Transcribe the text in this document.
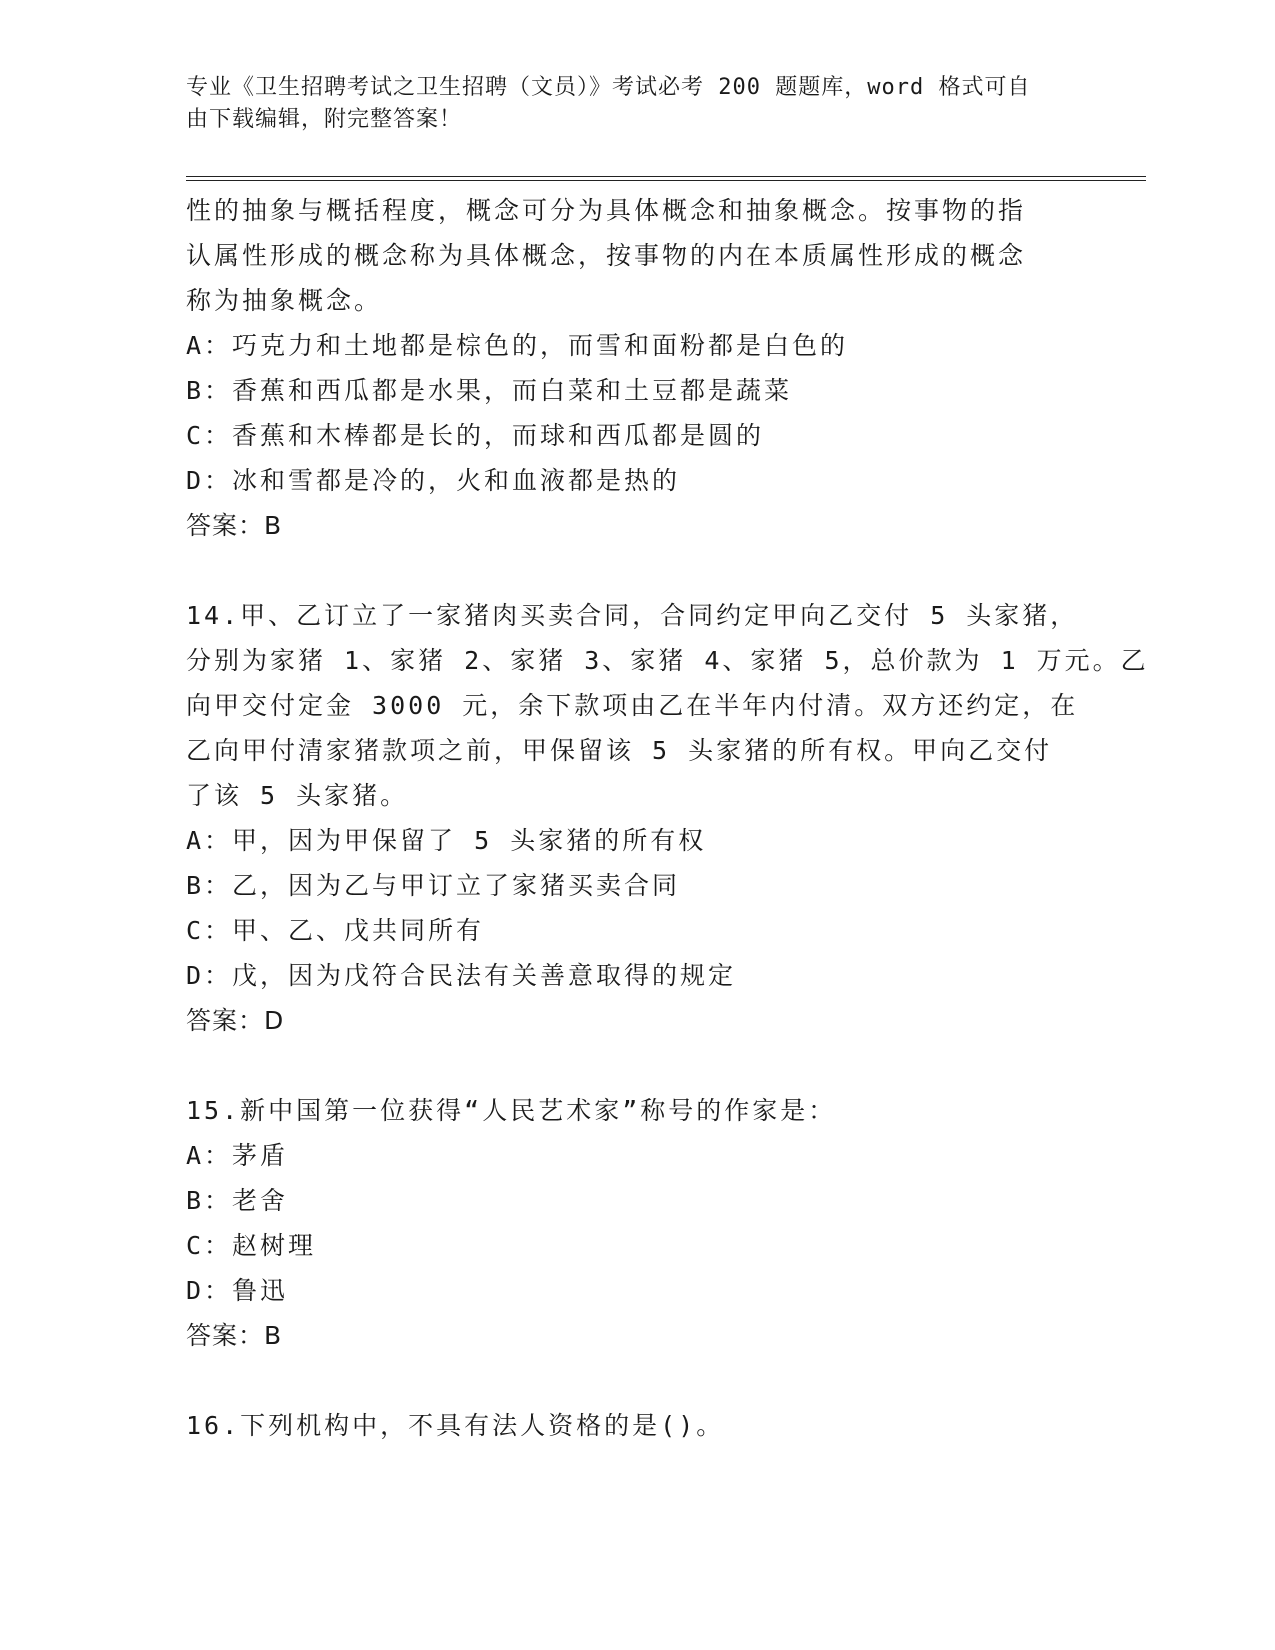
专业《卫生招聘考试之卫生招聘（文员）》考试必考 200 题题库，word 格式可自
由下载编辑，附完整答案！
性的抽象与概括程度，概念可分为具体概念和抽象概念。按事物的指
认属性形成的概念称为具体概念，按事物的内在本质属性形成的概念
称为抽象概念。
A：巧克力和土地都是棕色的，而雪和面粉都是白色的
B：香蕉和西瓜都是水果，而白菜和土豆都是蔬菜
C：香蕉和木棒都是长的，而球和西瓜都是圆的
D：冰和雪都是冷的，火和血液都是热的
答案：B
14.甲、乙订立了一家猪肉买卖合同，合同约定甲向乙交付 5 头家猪，
分别为家猪 1、家猪 2、家猪 3、家猪 4、家猪 5，总价款为 1 万元。乙
向甲交付定金 3000 元，余下款项由乙在半年内付清。双方还约定，在
乙向甲付清家猪款项之前，甲保留该 5 头家猪的所有权。甲向乙交付
了该 5 头家猪。
A：甲，因为甲保留了 5 头家猪的所有权
B：乙，因为乙与甲订立了家猪买卖合同
C：甲、乙、戊共同所有
D：戊，因为戊符合民法有关善意取得的规定
答案：D
15.新中国第一位获得“人民艺术家”称号的作家是：
A：茅盾
B：老舍
C：赵树理
D：鲁迅
答案：B
16.下列机构中，不具有法人资格的是()。
